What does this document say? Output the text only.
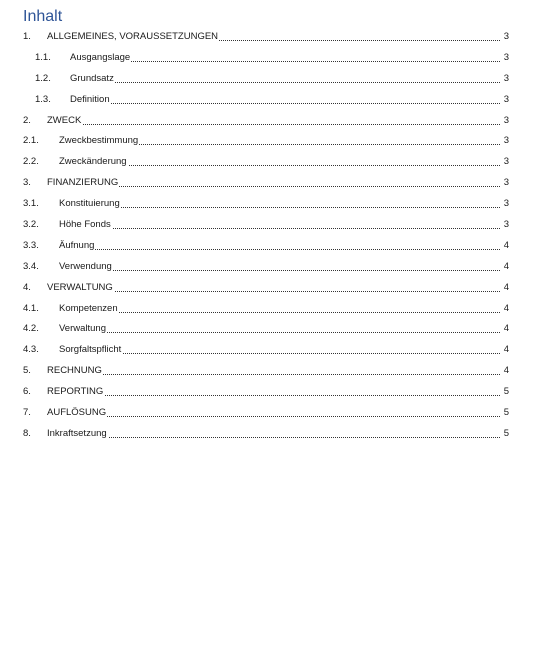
Inhalt
1. ALLGEMEINES, VORAUSSETZUNGEN	3
1.1. Ausgangslage	3
1.2. Grundsatz	3
1.3. Definition	3
2. ZWECK	3
2.1. Zweckbestimmung	3
2.2. Zweckänderung	3
3. FINANZIERUNG	3
3.1. Konstituierung	3
3.2. Höhe Fonds	3
3.3. Äufnung	4
3.4. Verwendung	4
4. VERWALTUNG	4
4.1. Kompetenzen	4
4.2. Verwaltung	4
4.3. Sorgfaltspflicht	4
5. RECHNUNG	4
6. REPORTING	5
7. AUFLÖSUNG	5
8. Inkraftsetzung	5
